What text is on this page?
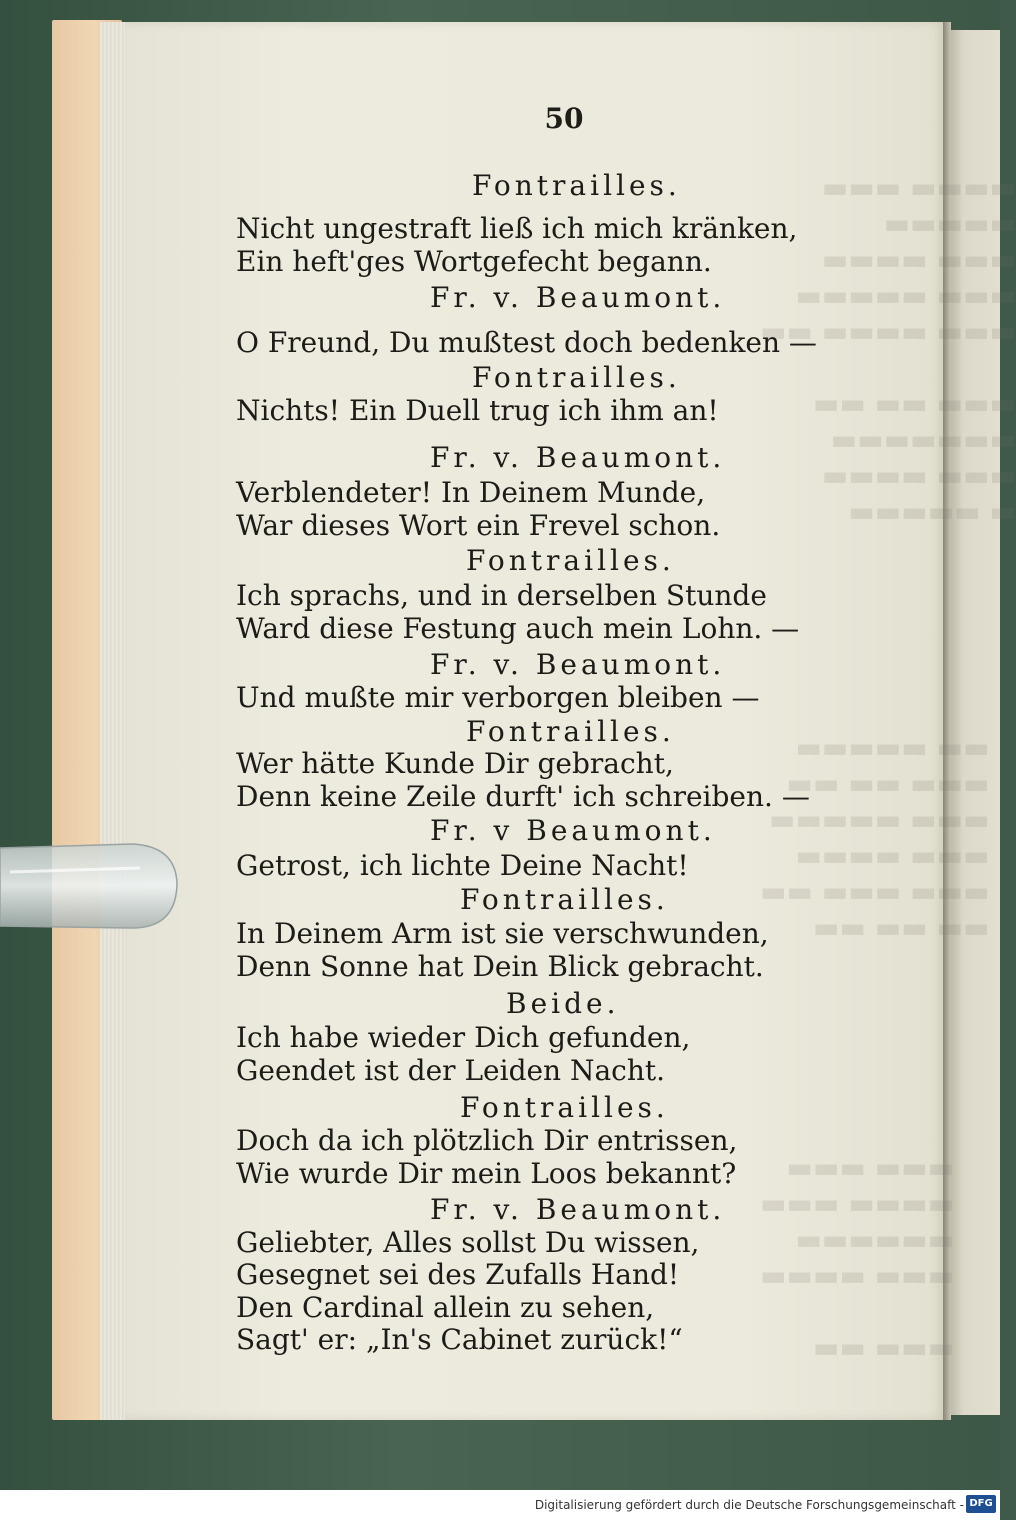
▬
50
Fontrailles.
Nicht ungestraft ließ ich mich kränken,
Ein heft'ges Wortgefecht begann.
Fr. v. Beaumont.
O Freund, Du mußtest doch bedenken —
Fontrailles.
Nichts! Ein Duell trug ich ihm an!
Fr. v. Beaumont.
Verblendeter! In Deinem Munde,
War dieses Wort ein Frevel schon.
Fontrailles.
Ich sprachs, und in derselben Stunde
Ward diese Festung auch mein Lohn. —
Fr. v. Beaumont.
Und mußte mir verborgen bleiben —
Fontrailles.
Wer hätte Kunde Dir gebracht,
Denn keine Zeile durft' ich schreiben. —
Fr. v Beaumont.
Getrost, ich lichte Deine Nacht!
Fontrailles.
In Deinem Arm ist sie verschwunden,
Denn Sonne hat Dein Blick gebracht.
Beide.
Ich habe wieder Dich gefunden,
Geendet ist der Leiden Nacht.
Fontrailles.
Doch da ich plötzlich Dir entrissen,
Wie wurde Dir mein Loos bekannt?
Fr. v. Beaumont.
Geliebter, Alles sollst Du wissen,
Gesegnet sei des Zufalls Hand!
Den Cardinal allein zu sehen,
Sagt' er: „In's Cabinet zurück!“
Digitalisierung gefördert durch die Deutsche Forschungsgemeinschaft - DFG
